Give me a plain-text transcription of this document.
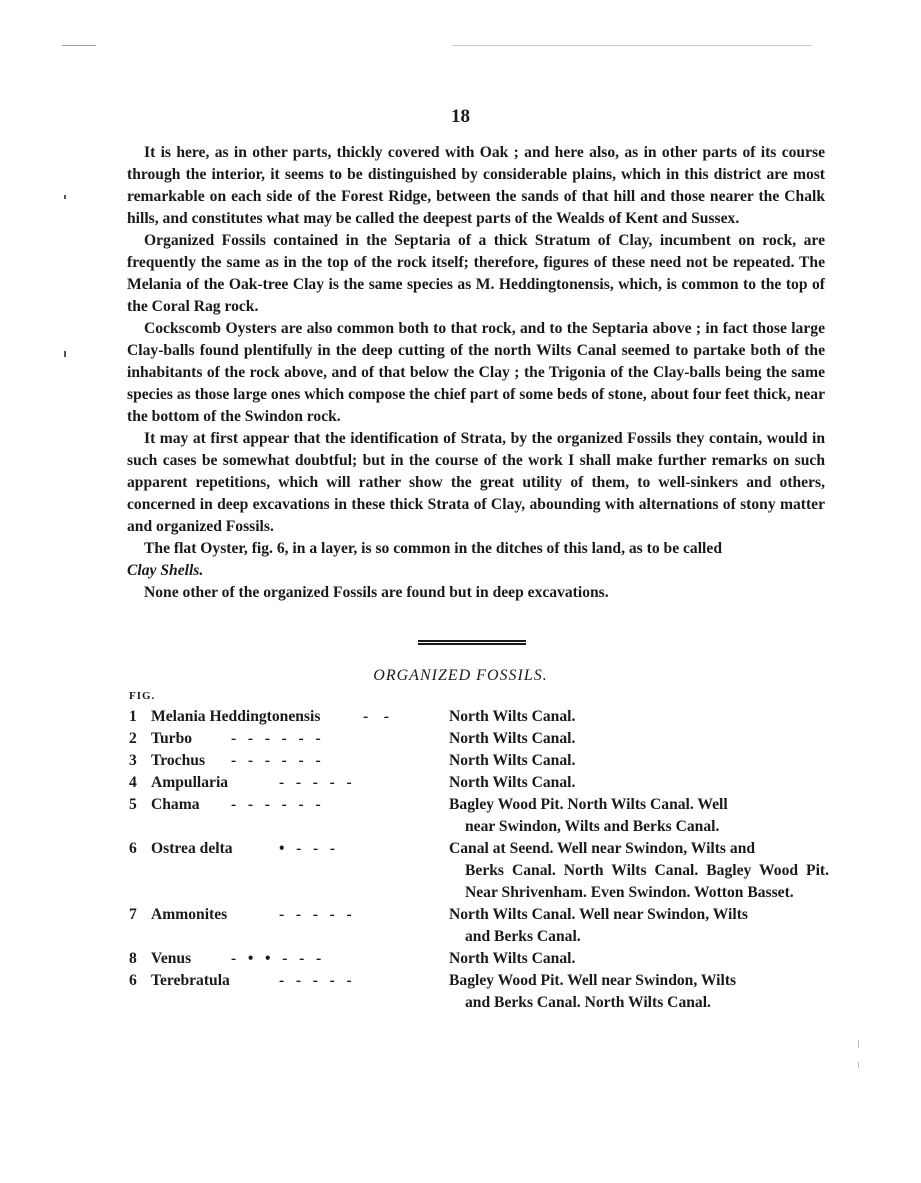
18

It is here, as in other parts, thickly covered with Oak ; and here also, as in other parts of its course through the interior, it seems to be distinguished by considerable plains, which in this district are most remarkable on each side of the Forest Ridge, between the sands of that hill and those nearer the Chalk hills, and constitutes what may be called the deepest parts of the Wealds of Kent and Sussex.

Organized Fossils contained in the Septaria of a thick Stratum of Clay, incumbent on rock, are frequently the same as in the top of the rock itself; therefore, figures of these need not be repeated. The Melania of the Oak-tree Clay is the same species as M. Heddingtonensis, which, is common to the top of the Coral Rag rock.

Cockscomb Oysters are also common both to that rock, and to the Septaria above ; in fact those large Clay-balls found plentifully in the deep cutting of the north Wilts Canal seemed to partake both of the inhabitants of the rock above, and of that below the Clay ; the Trigonia of the Clay-balls being the same species as those large ones which compose the chief part of some beds of stone, about four feet thick, near the bottom of the Swindon rock.

It may at first appear that the identification of Strata, by the organized Fossils they contain, would in such cases be somewhat doubtful; but in the course of the work I shall make further remarks on such apparent repetitions, which will rather show the great utility of them, to well-sinkers and others, concerned in deep excavations in these thick Strata of Clay, abounding with alternations of stony matter and organized Fossils.

The flat Oyster, fig. 6, in a layer, is so common in the ditches of this land, as to be called
Clay Shells.

None other of the organized Fossils are found but in deep excavations.

ORGANIZED FOSSILS.
FIG.
1 Melania Heddingtonensis	-    -	North Wilts Canal.
2 Turbo	-   -   -   -   -   -	North Wilts Canal.
3 Trochus	-   -   -   -   -   -	North Wilts Canal.
4 Ampullaria	-   -   -   -   -	North Wilts Canal.
5 Chama	-   -   -   -   -   -	Bagley Wood Pit. North Wilts Canal. Well
near Swindon, Wilts and Berks Canal.
6 Ostrea delta	•   -   -   -	Canal at Seend. Well near Swindon, Wilts and
Berks Canal. North Wilts Canal. Bagley Wood Pit. Near Shrivenham. Even Swindon. Wotton Basset.
7 Ammonites	-   -   -   -   -	North Wilts Canal. Well near Swindon, Wilts
and Berks Canal.
8 Venus	-   •   •   -   -   -	North Wilts Canal.
6 Terebratula	-   -   -   -   -	Bagley Wood Pit. Well near Swindon, Wilts
and Berks Canal. North Wilts Canal.
